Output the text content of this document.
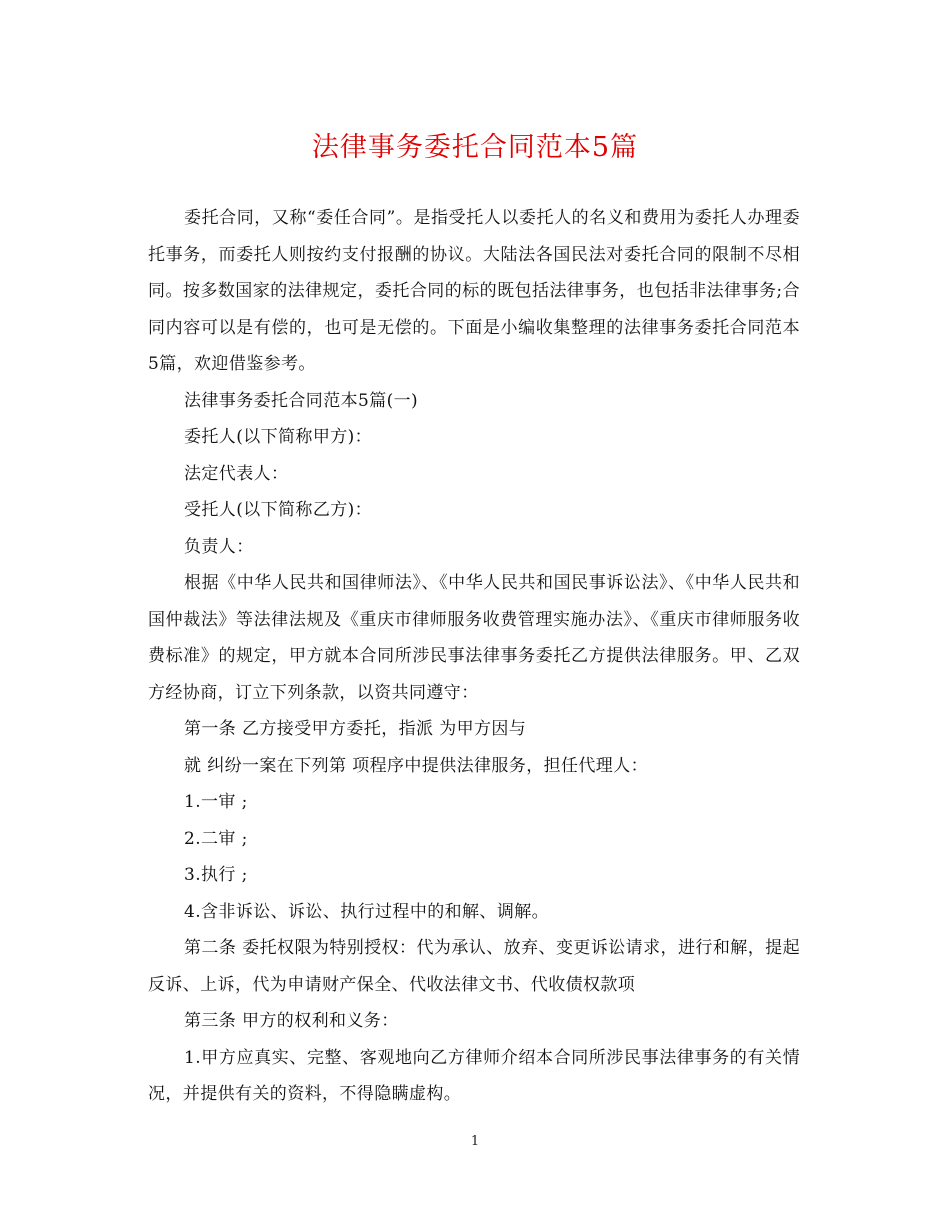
法律事务委托合同范本5篇

委托合同，又称“委任合同”。是指受托人以委托人的名义和费用为委托人办理委托事务，而委托人则按约支付报酬的协议。大陆法各国民法对委托合同的限制不尽相同。按多数国家的法律规定，委托合同的标的既包括法律事务，也包括非法律事务;合同内容可以是有偿的，也可是无偿的。下面是小编收集整理的法律事务委托合同范本5篇，欢迎借鉴参考。

法律事务委托合同范本5篇(一)

委托人(以下简称甲方)：

法定代表人：

受托人(以下简称乙方)：

负责人：

根据《中华人民共和国律师法》、《中华人民共和国民事诉讼法》、《中华人民共和国仲裁法》等法律法规及《重庆市律师服务收费管理实施办法》、《重庆市律师服务收费标准》的规定，甲方就本合同所涉民事法律事务委托乙方提供法律服务。甲、乙双方经协商，订立下列条款，以资共同遵守：

第一条 乙方接受甲方委托，指派 为甲方因与

就 纠纷一案在下列第 项程序中提供法律服务，担任代理人：

1.一审 ;

2.二审 ;

3.执行 ;

4.含非诉讼、诉讼、执行过程中的和解、调解。

第二条 委托权限为特别授权：代为承认、放弃、变更诉讼请求，进行和解，提起反诉、上诉，代为申请财产保全、代收法律文书、代收债权款项

第三条 甲方的权利和义务：

1.甲方应真实、完整、客观地向乙方律师介绍本合同所涉民事法律事务的有关情况，并提供有关的资料，不得隐瞒虚构。

1
